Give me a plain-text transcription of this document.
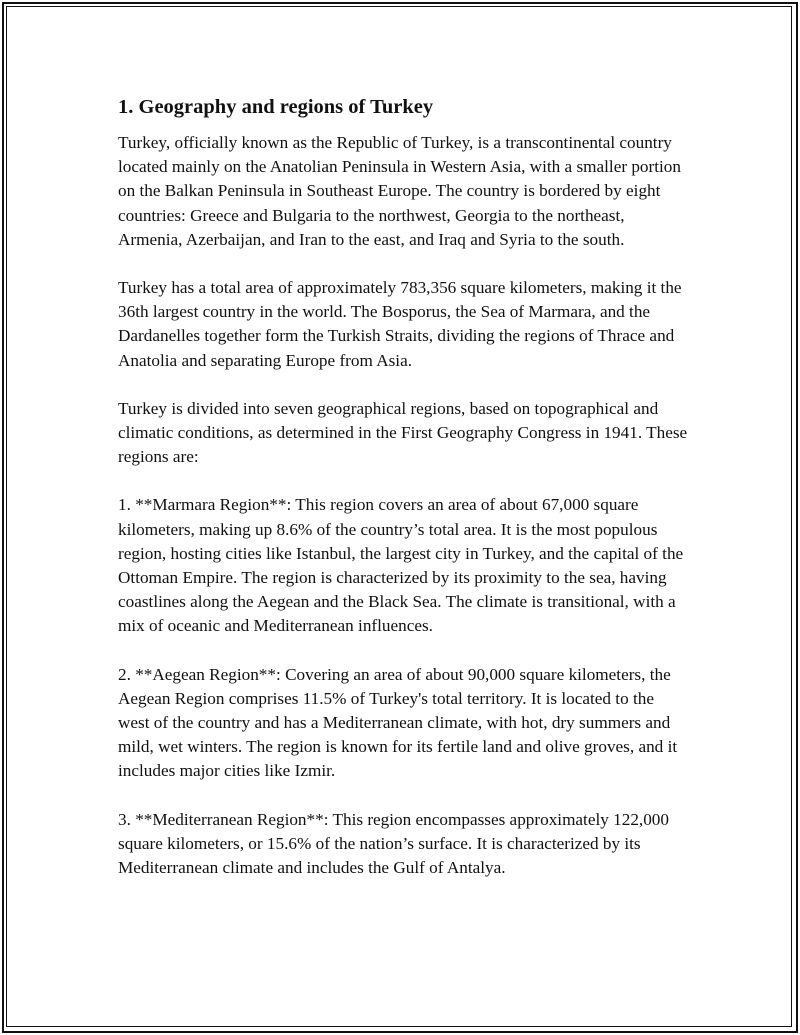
1. Geography and regions of Turkey

Turkey, officially known as the Republic of Turkey, is a transcontinental country located mainly on the Anatolian Peninsula in Western Asia, with a smaller portion on the Balkan Peninsula in Southeast Europe. The country is bordered by eight countries: Greece and Bulgaria to the northwest, Georgia to the northeast, Armenia, Azerbaijan, and Iran to the east, and Iraq and Syria to the south.

Turkey has a total area of approximately 783,356 square kilometers, making it the 36th largest country in the world. The Bosporus, the Sea of Marmara, and the Dardanelles together form the Turkish Straits, dividing the regions of Thrace and Anatolia and separating Europe from Asia.

Turkey is divided into seven geographical regions, based on topographical and climatic conditions, as determined in the First Geography Congress in 1941. These regions are:

1. **Marmara Region**: This region covers an area of about 67,000 square kilometers, making up 8.6% of the country’s total area. It is the most populous region, hosting cities like Istanbul, the largest city in Turkey, and the capital of the Ottoman Empire. The region is characterized by its proximity to the sea, having coastlines along the Aegean and the Black Sea. The climate is transitional, with a mix of oceanic and Mediterranean influences.

2. **Aegean Region**: Covering an area of about 90,000 square kilometers, the Aegean Region comprises 11.5% of Turkey's total territory. It is located to the west of the country and has a Mediterranean climate, with hot, dry summers and mild, wet winters. The region is known for its fertile land and olive groves, and it includes major cities like Izmir.

3. **Mediterranean Region**: This region encompasses approximately 122,000 square kilometers, or 15.6% of the nation’s surface. It is characterized by its Mediterranean climate and includes the Gulf of Antalya.
